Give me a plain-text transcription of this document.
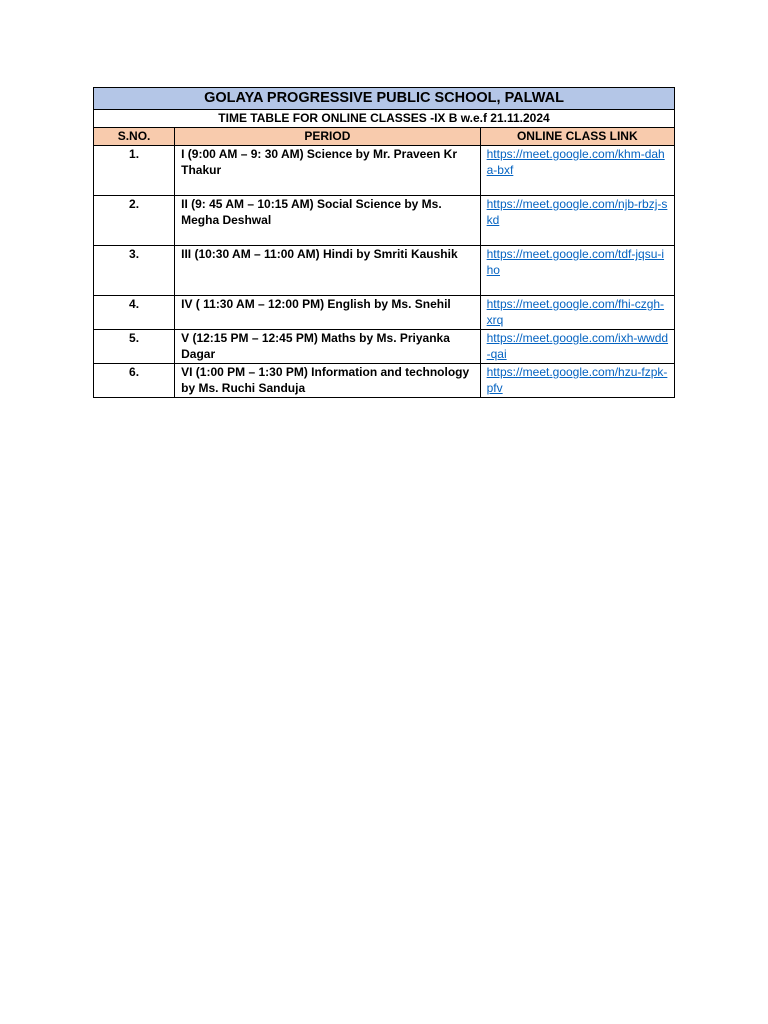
GOLAYA PROGRESSIVE PUBLIC SCHOOL, PALWAL		
TIME TABLE FOR ONLINE CLASSES -IX B w.e.f 21.11.2024		
S.NO.	PERIOD	ONLINE CLASS LINK
1.	I (9:00 AM – 9: 30 AM) Science by Mr. Praveen Kr Thakur	https://meet.google.com/khm-daha-bxf
2.	II (9: 45 AM – 10:15 AM) Social Science by Ms. Megha Deshwal	https://meet.google.com/njb-rbzj-skd
3.	III (10:30 AM – 11:00 AM) Hindi by Smriti Kaushik	https://meet.google.com/tdf-jqsu-iho
4.	IV ( 11:30 AM – 12:00 PM) English by Ms. Snehil	https://meet.google.com/fhi-czgh-xrq
5.	V (12:15 PM – 12:45 PM) Maths by Ms. Priyanka Dagar	https://meet.google.com/ixh-wwdd-qai
6.	VI (1:00 PM – 1:30 PM) Information and technology by Ms. Ruchi Sanduja	https://meet.google.com/hzu-fzpk-pfv
